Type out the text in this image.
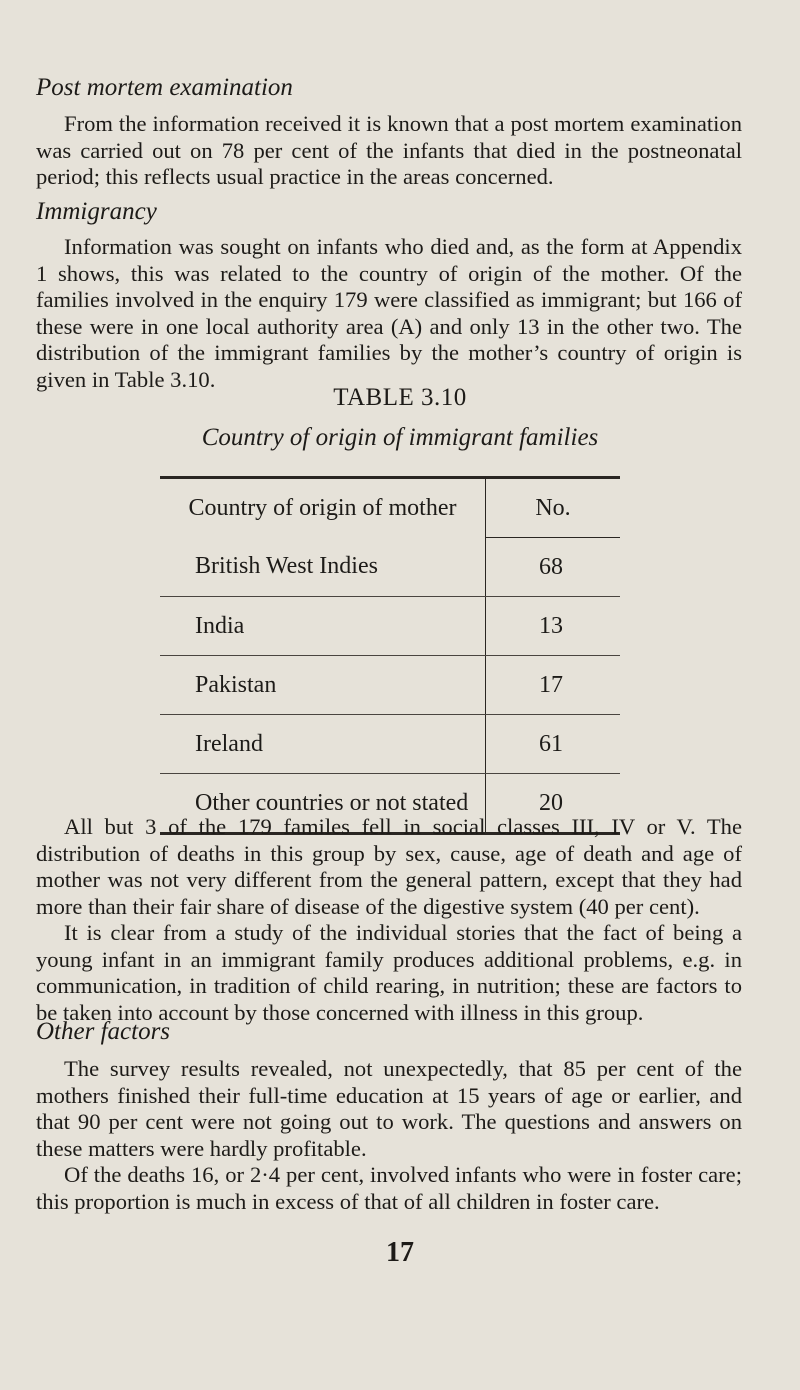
Post mortem examination

From the information received it is known that a post mortem examination was carried out on 78 per cent of the infants that died in the postneonatal period; this reflects usual practice in the areas concerned.

Immigrancy

Information was sought on infants who died and, as the form at Appendix 1 shows, this was related to the country of origin of the mother. Of the families involved in the enquiry 179 were classified as immigrant; but 166 of these were in one local authority area (A) and only 13 in the other two. The distribution of the immigrant families by the mother’s country of origin is given in Table 3.10.

TABLE 3.10
Country of origin of immigrant families
Country of origin of mother	No.
British West Indies	68
India	13
Pakistan	17
Ireland	61
Other countries or not stated	20

All but 3 of the 179 familes fell in social classes III, IV or V. The distribution of deaths in this group by sex, cause, age of death and age of mother was not very different from the general pattern, except that they had more than their fair share of disease of the digestive system (40 per cent).

It is clear from a study of the individual stories that the fact of being a young infant in an immigrant family produces additional problems, e.g. in communication, in tradition of child rearing, in nutrition; these are factors to be taken into account by those concerned with illness in this group.

Other factors

The survey results revealed, not unexpectedly, that 85 per cent of the mothers finished their full-time education at 15 years of age or earlier, and that 90 per cent were not going out to work. The questions and answers on these matters were hardly profitable.

Of the deaths 16, or 2·4 per cent, involved infants who were in foster care; this proportion is much in excess of that of all children in foster care.

17
